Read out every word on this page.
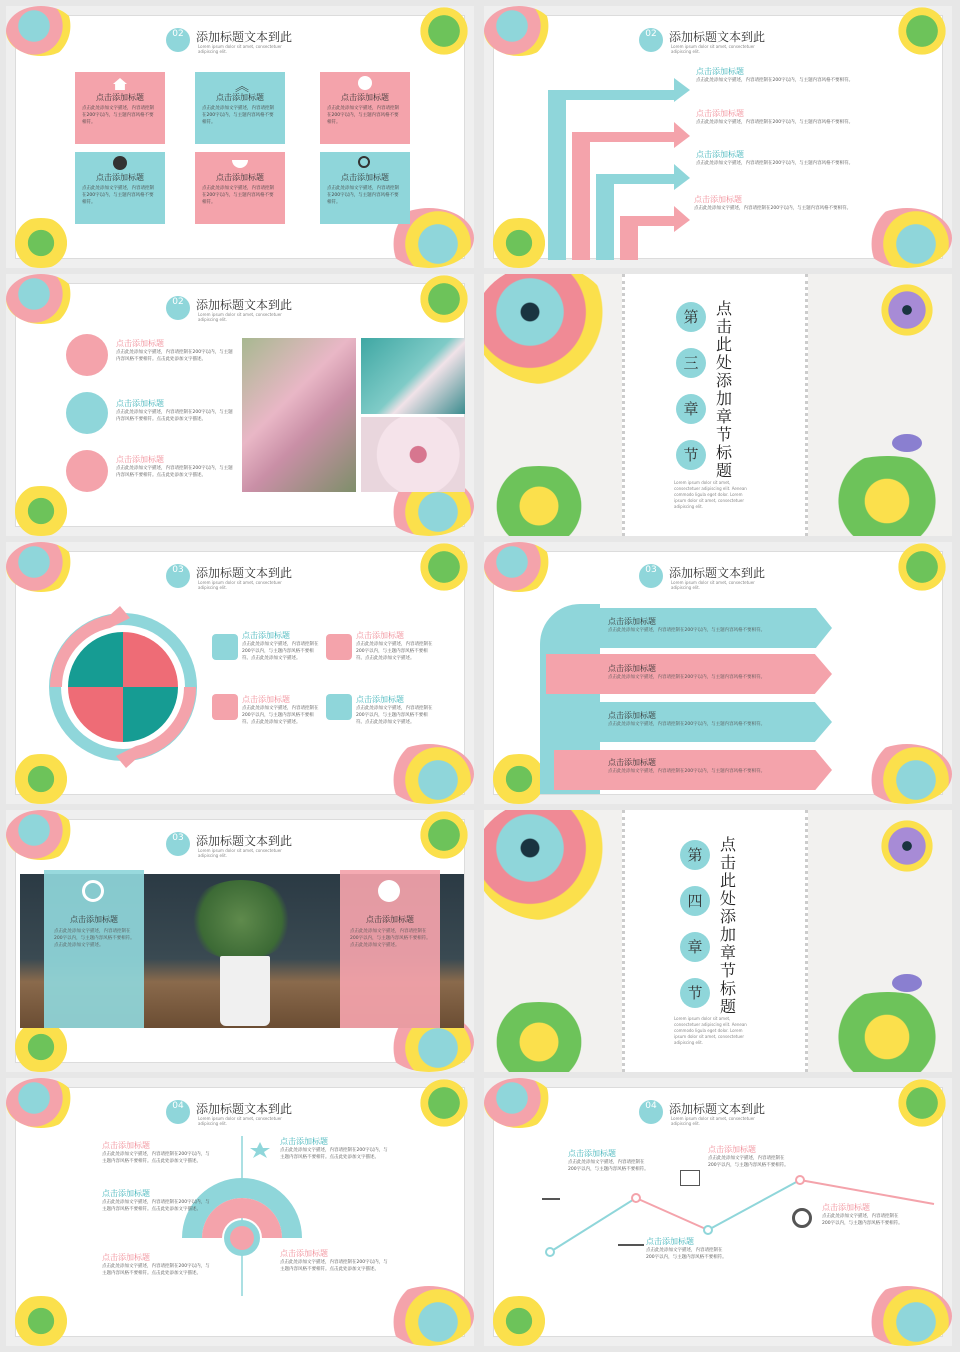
02	添加标题文本到此
Lorem ipsum dolor sit amet, consectetuer adipiscing elit.
点击添加标题
点击此处添加文字描述，内容请控制在200字以内，与主题内容风格不要相符。
︽
点击添加标题
点击此处添加文字描述，内容请控制在200字以内，与主题内容风格不要相符。
点击添加标题
点击此处添加文字描述，内容请控制在200字以内，与主题内容风格不要相符。
点击添加标题
点击此处添加文字描述，内容请控制在200字以内，与主题内容风格不要相符。
点击添加标题
点击此处添加文字描述，内容请控制在200字以内，与主题内容风格不要相符。
点击添加标题
点击此处添加文字描述，内容请控制在200字以内，与主题内容风格不要相符。
02	添加标题文本到此
Lorem ipsum dolor sit amet, consectetuer adipiscing elit.
点击添加标题
点击此处添加文字描述，内容请控制在200字以内，与主题内容风格不要相符。
点击添加标题
点击此处添加文字描述，内容请控制在200字以内，与主题内容风格不要相符。
点击添加标题
点击此处添加文字描述，内容请控制在200字以内，与主题内容风格不要相符。
点击添加标题
点击此处添加文字描述，内容请控制在200字以内，与主题内容风格不要相符。
02	添加标题文本到此
Lorem ipsum dolor sit amet, consectetuer adipiscing elit.
点击添加标题
点击此处添加文字描述，内容请控制在200字以内，与主题内容风格不要相符。点击此处添加文字描述。
点击添加标题
点击此处添加文字描述，内容请控制在200字以内，与主题内容风格不要相符。点击此处添加文字描述。
点击添加标题
点击此处添加文字描述，内容请控制在200字以内，与主题内容风格不要相符。点击此处添加文字描述。
第
三
章
节
点击此处添加章节标题
Lorem ipsum dolor sit amet, consectetuer adipiscing elit. Aenean commodo ligula eget dolor. Lorem ipsum dolor sit amet, consectetuer adipiscing elit.
03	添加标题文本到此
Lorem ipsum dolor sit amet, consectetuer adipiscing elit.
点击添加标题
点击此处添加文字描述，内容请控制在200字以内，与主题内容风格不要相符。点击此处添加文字描述。
点击添加标题
点击此处添加文字描述，内容请控制在200字以内，与主题内容风格不要相符。点击此处添加文字描述。
点击添加标题
点击此处添加文字描述，内容请控制在200字以内，与主题内容风格不要相符。点击此处添加文字描述。
点击添加标题
点击此处添加文字描述，内容请控制在200字以内，与主题内容风格不要相符。点击此处添加文字描述。
03	添加标题文本到此
Lorem ipsum dolor sit amet, consectetuer adipiscing elit.
点击添加标题
点击此处添加文字描述，内容请控制在200字以内，与主题内容风格不要相符。
点击添加标题
点击此处添加文字描述，内容请控制在200字以内，与主题内容风格不要相符。
点击添加标题
点击此处添加文字描述，内容请控制在200字以内，与主题内容风格不要相符。
点击添加标题
点击此处添加文字描述，内容请控制在200字以内，与主题内容风格不要相符。
03	添加标题文本到此
Lorem ipsum dolor sit amet, consectetuer adipiscing elit.
点击添加标题
点击此处添加文字描述，内容请控制在200字以内，与主题内容风格不要相符。点击此处添加文字描述。
点击添加标题
点击此处添加文字描述，内容请控制在200字以内，与主题内容风格不要相符。点击此处添加文字描述。
第
四
章
节
点击此处添加章节标题
Lorem ipsum dolor sit amet, consectetuer adipiscing elit. Aenean commodo ligula eget dolor. Lorem ipsum dolor sit amet, consectetuer adipiscing elit.
04	添加标题文本到此
Lorem ipsum dolor sit amet, consectetuer adipiscing elit.
点击添加标题
点击此处添加文字描述，内容请控制在200字以内，与主题内容风格不要相符。点击此处添加文字描述。
点击添加标题
点击此处添加文字描述，内容请控制在200字以内，与主题内容风格不要相符。点击此处添加文字描述。
点击添加标题
点击此处添加文字描述，内容请控制在200字以内，与主题内容风格不要相符。点击此处添加文字描述。
点击添加标题
点击此处添加文字描述，内容请控制在200字以内，与主题内容风格不要相符。点击此处添加文字描述。
点击添加标题
点击此处添加文字描述，内容请控制在200字以内，与主题内容风格不要相符。点击此处添加文字描述。
04	添加标题文本到此
Lorem ipsum dolor sit amet, consectetuer adipiscing elit.
点击添加标题
点击此处添加文字描述，内容请控制在200字以内，与主题内容风格不要相符。
点击添加标题
点击此处添加文字描述，内容请控制在200字以内，与主题内容风格不要相符。
点击添加标题
点击此处添加文字描述，内容请控制在200字以内，与主题内容风格不要相符。
点击添加标题
点击此处添加文字描述，内容请控制在200字以内，与主题内容风格不要相符。
